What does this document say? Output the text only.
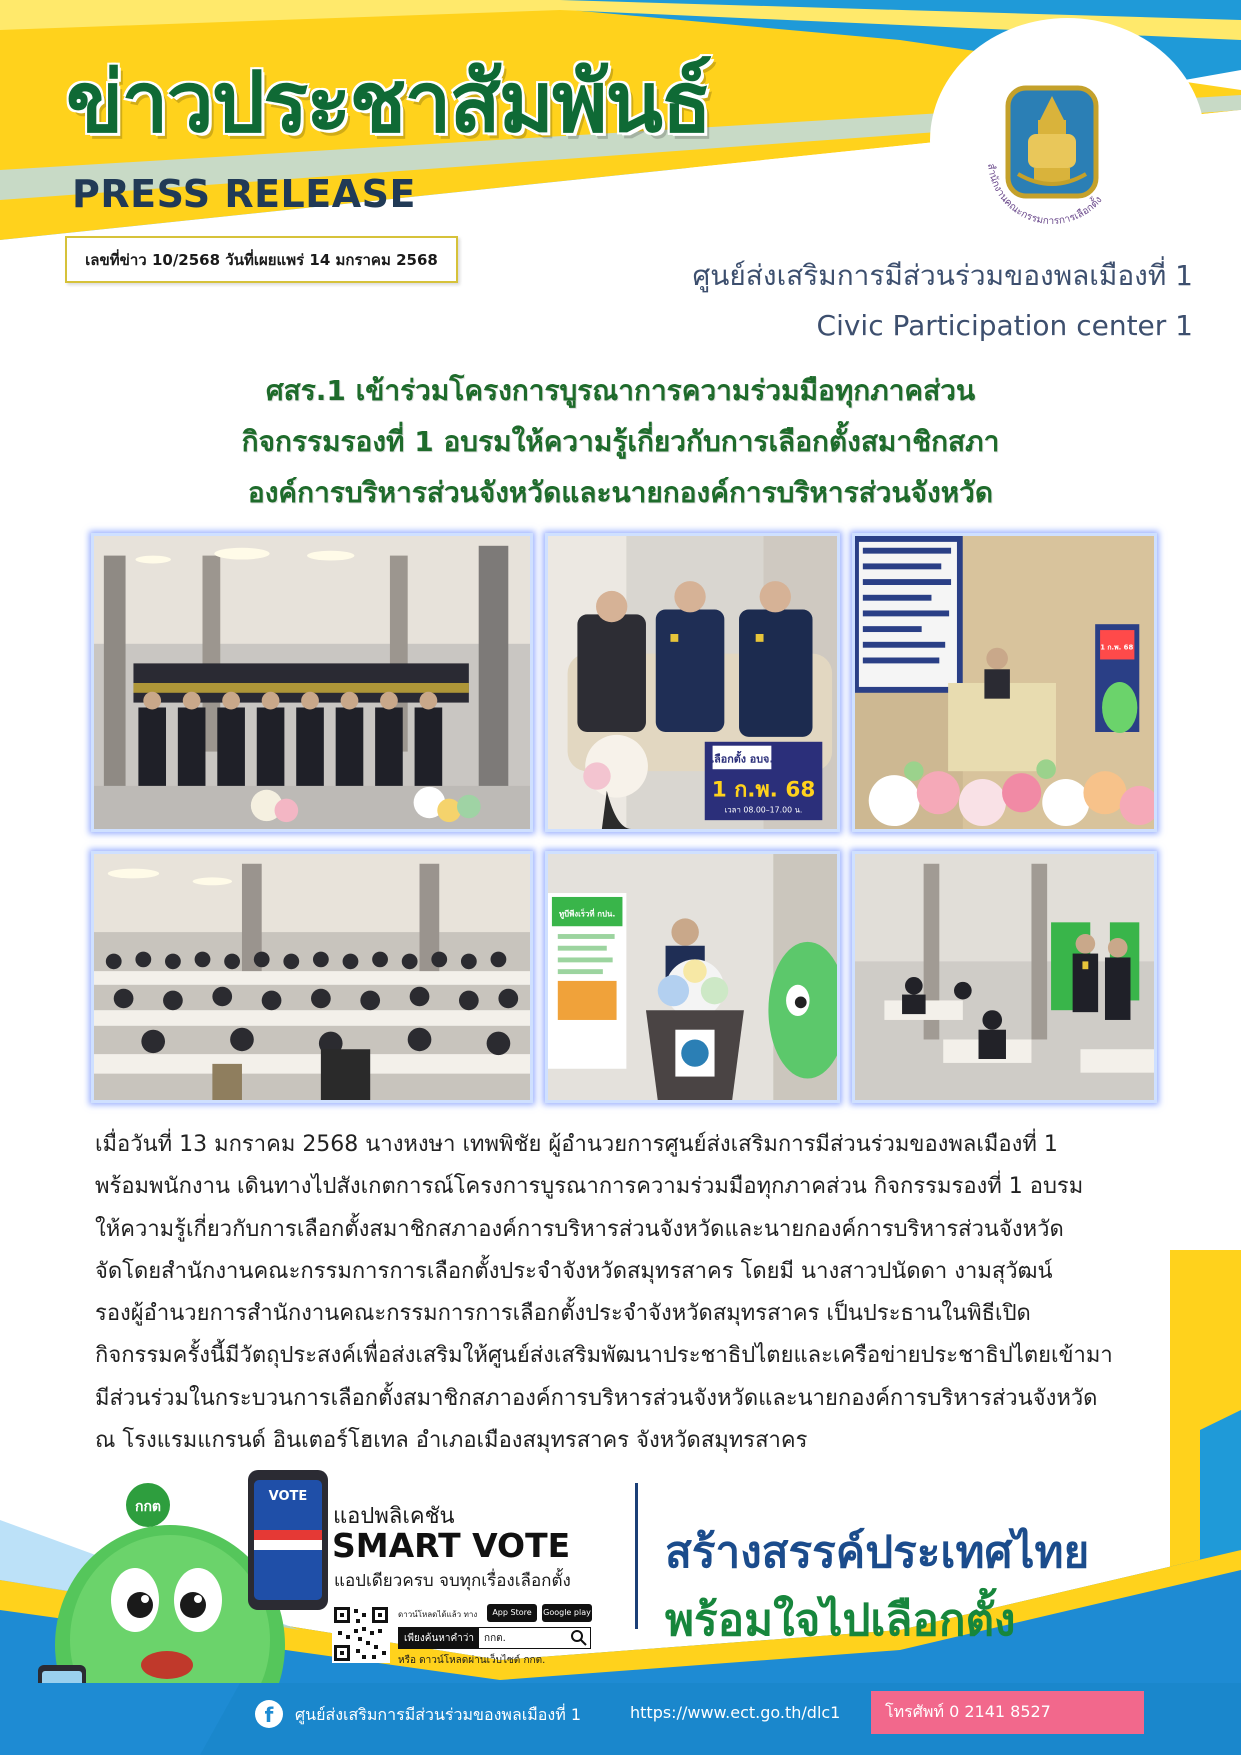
ข่าวประชาสัมพันธ์
PRESS RELEASE
สำนักงานคณะกรรมการการเลือกตั้ง
เลขที่ข่าว 10/2568 วันที่เผยแพร่ 14 มกราคม 2568	ศูนย์ส่งเสริมการมีส่วนร่วมของพลเมืองที่ 1
Civic Participation center 1
ศสร.1 เข้าร่วมโครงการบูรณาการความร่วมมือทุกภาคส่วน
กิจกรรมรองที่ 1 อบรมให้ความรู้เกี่ยวกับการเลือกตั้งสมาชิกสภา
องค์การบริหารส่วนจังหวัดและนายกองค์การบริหารส่วนจังหวัด
เลือกตั้ง อบจ.
1 ก.พ. 68
เวลา 08.00–17.00 น.
1 ก.พ. 68
ทูบีพีงเร็วที่ กปน.

เมื่อวันที่ 13 มกราคม 2568 นางหงษา เทพพิชัย ผู้อำนวยการศูนย์ส่งเสริมการมีส่วนร่วมของพลเมืองที่ 1

พร้อมพนักงาน เดินทางไปสังเกตการณ์โครงการบูรณาการความร่วมมือทุกภาคส่วน กิจกรรมรองที่ 1 อบรม

ให้ความรู้เกี่ยวกับการเลือกตั้งสมาชิกสภาองค์การบริหารส่วนจังหวัดและนายกองค์การบริหารส่วนจังหวัด

จัดโดยสำนักงานคณะกรรมการการเลือกตั้งประจำจังหวัดสมุทรสาคร โดยมี นางสาวปนัดดา งามสุวัฒน์

รองผู้อำนวยการสำนักงานคณะกรรมการการเลือกตั้งประจำจังหวัดสมุทรสาคร เป็นประธานในพิธีเปิด

กิจกรรมครั้งนี้มีวัตถุประสงค์เพื่อส่งเสริมให้ศูนย์ส่งเสริมพัฒนาประชาธิปไตยและเครือข่ายประชาธิปไตยเข้ามา

มีส่วนร่วมในกระบวนการเลือกตั้งสมาชิกสภาองค์การบริหารส่วนจังหวัดและนายกองค์การบริหารส่วนจังหวัด

ณ โรงแรมแกรนด์ อินเตอร์โฮเทล อำเภอเมืองสมุทรสาคร จังหวัดสมุทรสาคร

กกต
VOTE
แอปพลิเคชัน
SMART VOTE
แอปเดียวครบ จบทุกเรื่องเลือกตั้ง
ดาวน์โหลดได้แล้ว ทาง	App Store	Google play
เพียงค้นหาคำว่า	กกต.
หรือ ดาวน์โหลดผ่านเว็บไซต์ กกต.
สร้างสรรค์ประเทศไทย
พร้อมใจไปเลือกตั้ง
f	ศูนย์ส่งเสริมการมีส่วนร่วมของพลเมืองที่ 1	https://www.ect.go.th/dlc1	โทรศัพท์ 0 2141 8527
